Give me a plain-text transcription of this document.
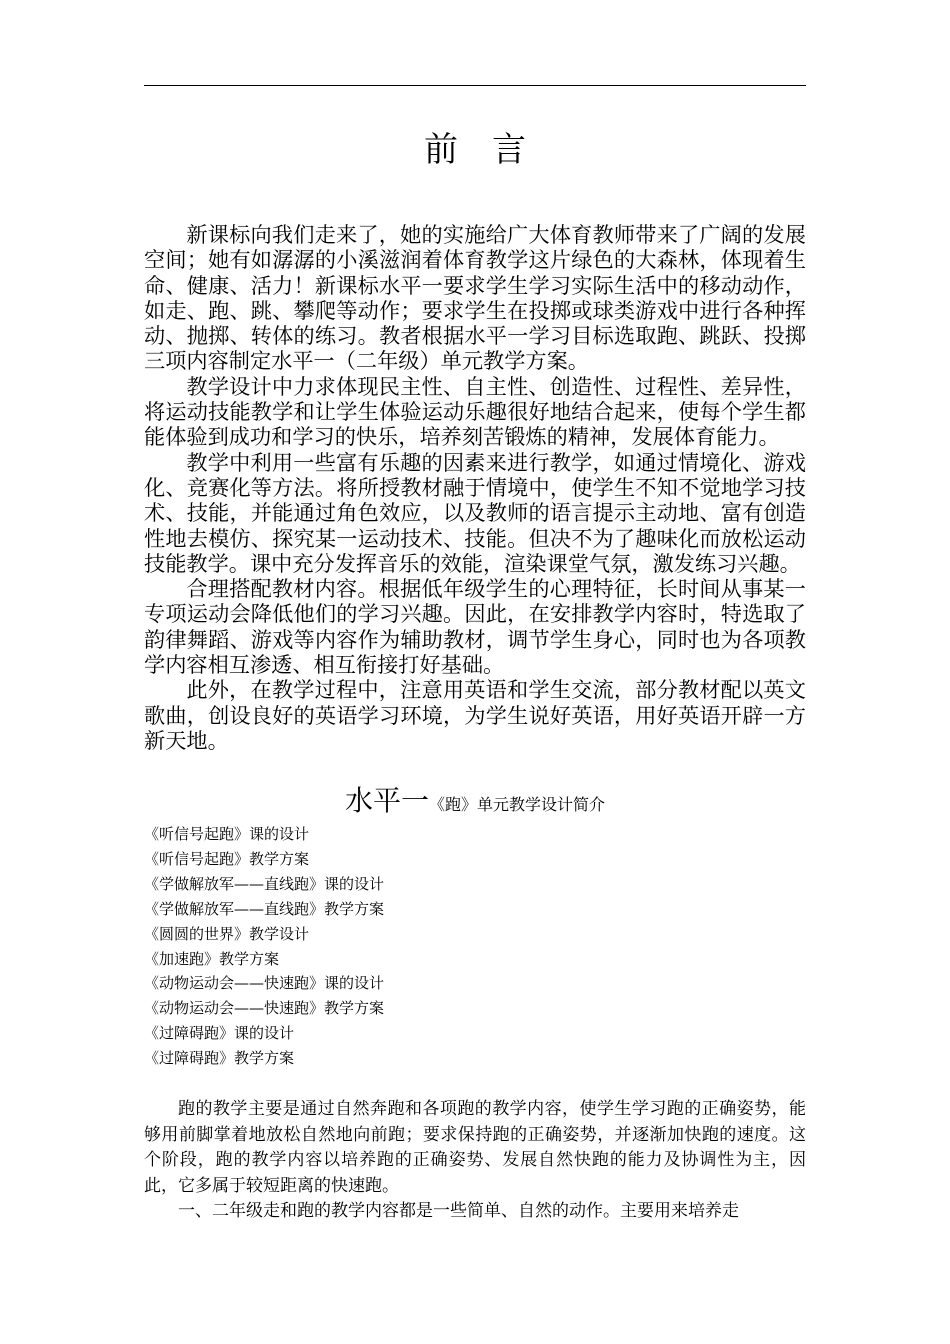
前言

新课标向我们走来了，她的实施给广大体育教师带来了广阔的发展空间；她有如潺潺的小溪滋润着体育教学这片绿色的大森林，体现着生命、健康、活力！新课标水平一要求学生学习实际生活中的移动动作，如走、跑、跳、攀爬等动作；要求学生在投掷或球类游戏中进行各种挥动、抛掷、转体的练习。教者根据水平一学习目标选取跑、跳跃、投掷三项内容制定水平一（二年级）单元教学方案。

教学设计中力求体现民主性、自主性、创造性、过程性、差异性，将运动技能教学和让学生体验运动乐趣很好地结合起来，使每个学生都能体验到成功和学习的快乐，培养刻苦锻炼的精神，发展体育能力。

教学中利用一些富有乐趣的因素来进行教学，如通过情境化、游戏化、竞赛化等方法。将所授教材融于情境中，使学生不知不觉地学习技术、技能，并能通过角色效应，以及教师的语言提示主动地、富有创造性地去模仿、探究某一运动技术、技能。但决不为了趣味化而放松运动技能教学。课中充分发挥音乐的效能，渲染课堂气氛，激发练习兴趣。

合理搭配教材内容。根据低年级学生的心理特征，长时间从事某一专项运动会降低他们的学习兴趣。因此，在安排教学内容时，特选取了韵律舞蹈、游戏等内容作为辅助教材，调节学生身心，同时也为各项教学内容相互渗透、相互衔接打好基础。

此外，在教学过程中，注意用英语和学生交流，部分教材配以英文歌曲，创设良好的英语学习环境，为学生说好英语，用好英语开辟一方新天地。

水平一《跑》单元教学设计简介
《听信号起跑》课的设计
《听信号起跑》教学方案
《学做解放军——直线跑》课的设计
《学做解放军——直线跑》教学方案
《圆圆的世界》教学设计
《加速跑》教学方案
《动物运动会——快速跑》课的设计
《动物运动会——快速跑》教学方案
《过障碍跑》课的设计
《过障碍跑》教学方案

跑的教学主要是通过自然奔跑和各项跑的教学内容，使学生学习跑的正确姿势，能够用前脚掌着地放松自然地向前跑；要求保持跑的正确姿势，并逐渐加快跑的速度。这个阶段，跑的教学内容以培养跑的正确姿势、发展自然快跑的能力及协调性为主，因此，它多属于较短距离的快速跑。

一、二年级走和跑的教学内容都是一些简单、自然的动作。主要用来培养走
